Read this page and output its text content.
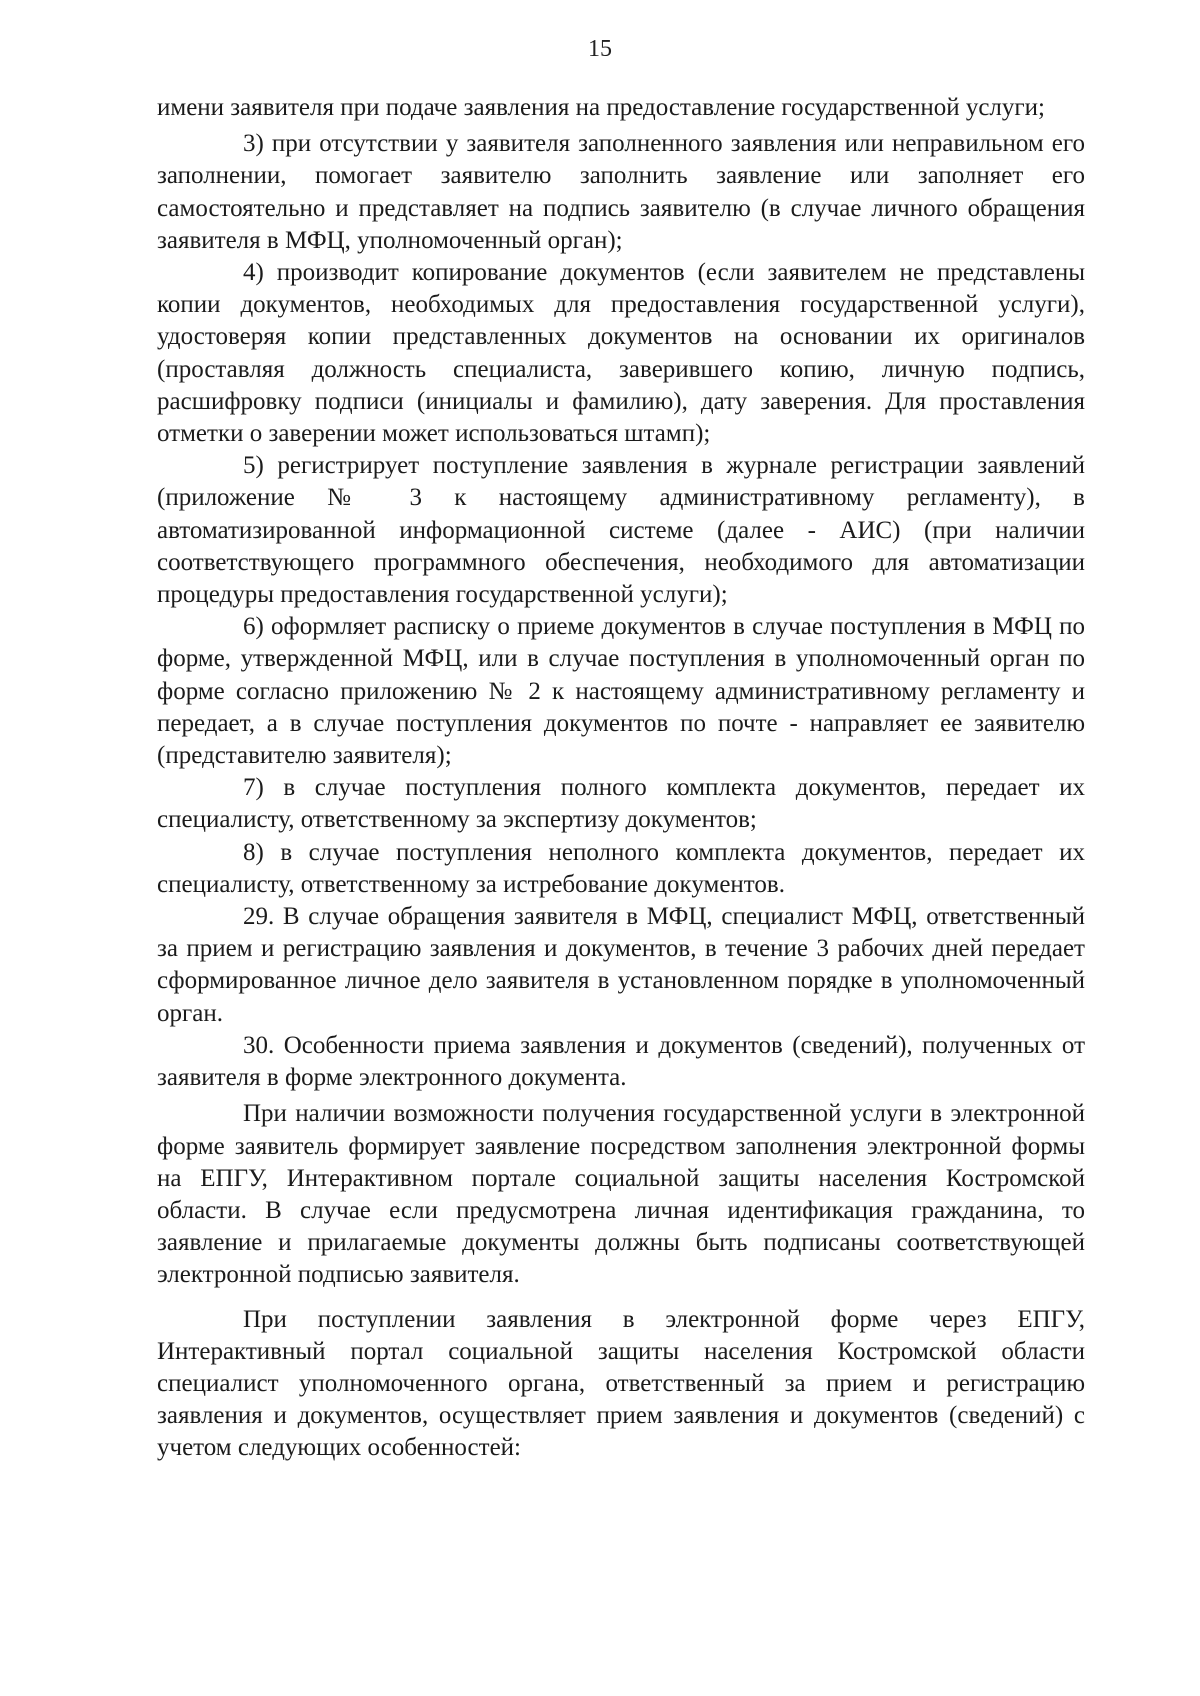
15

имени заявителя при подаче заявления на предоставление государственной услуги;

3) при отсутствии у заявителя заполненного заявления или неправильном его заполнении, помогает заявителю заполнить заявление или заполняет его самостоятельно и представляет на подпись заявителю (в случае личного обращения заявителя в МФЦ, уполномоченный орган);

4) производит копирование документов (если заявителем не представлены копии документов, необходимых для предоставления государственной услуги), удостоверяя копии представленных документов на основании их оригиналов (проставляя должность специалиста, заверившего копию, личную подпись, расшифровку подписи (инициалы и фамилию), дату заверения. Для проставления отметки о заверении может использоваться штамп);

5) регистрирует поступление заявления в журнале регистрации заявлений (приложение № 3 к настоящему административному регламенту), в автоматизированной информационной системе (далее - АИС) (при наличии соответствующего программного обеспечения, необходимого для автоматизации процедуры предоставления государственной услуги);

6) оформляет расписку о приеме документов в случае поступления в МФЦ по форме, утвержденной МФЦ, или в случае поступления в уполномоченный орган по форме согласно приложению № 2 к настоящему административному регламенту и передает, а в случае поступления документов по почте - направляет ее заявителю (представителю заявителя);

7) в случае поступления полного комплекта документов, передает их специалисту, ответственному за экспертизу документов;

8) в случае поступления неполного комплекта документов, передает их специалисту, ответственному за истребование документов.

29. В случае обращения заявителя в МФЦ, специалист МФЦ, ответственный за прием и регистрацию заявления и документов, в течение 3 рабочих дней передает сформированное личное дело заявителя в установленном порядке в уполномоченный орган.

30. Особенности приема заявления и документов (сведений), полученных от заявителя в форме электронного документа.

При наличии возможности получения государственной услуги в электронной форме заявитель формирует заявление посредством заполнения электронной формы на ЕПГУ, Интерактивном портале социальной защиты населения Костромской области. В случае если предусмотрена личная идентификация гражданина, то заявление и прилагаемые документы должны быть подписаны соответствующей электронной подписью заявителя.

При поступлении заявления в электронной форме через ЕПГУ, Интерактивный портал социальной защиты населения Костромской области специалист уполномоченного органа, ответственный за прием и регистрацию заявления и документов, осуществляет прием заявления и документов (сведений) с учетом следующих особенностей:
